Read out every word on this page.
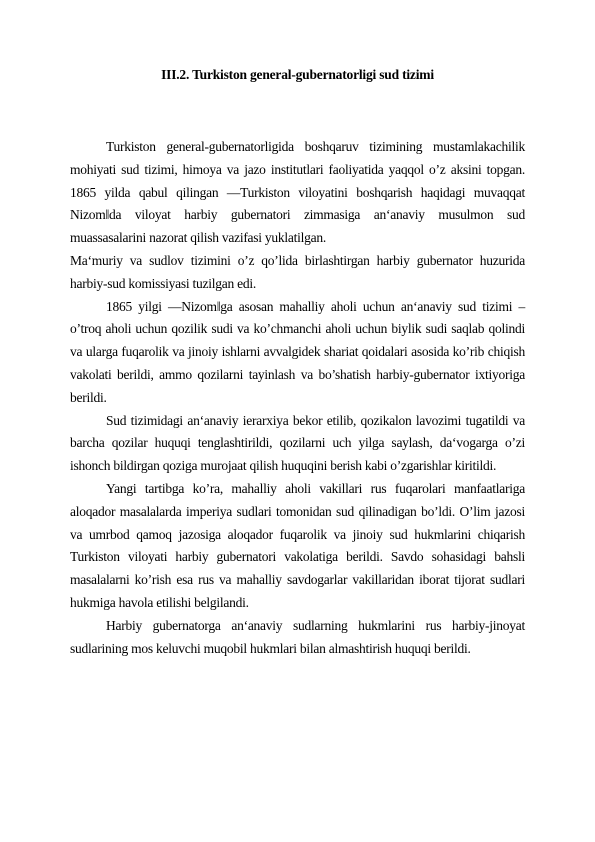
III.2. Turkiston general-gubernatorligi sud tizimi

Turkiston general-gubernatorligida boshqaruv tizimining mustamlakachilik mohiyati sud tizimi, himoya va jazo institutlari faoliyatida yaqqol o’z aksini topgan. 1865 yilda qabul qilingan ―Turkiston viloyatini boshqarish haqidagi muvaqqat Nizom‖da viloyat harbiy gubernatori zimmasiga an‘anaviy musulmon sud muassasalarini nazorat qilish vazifasi yuklatilgan.

Ma‘muriy va sudlov tizimini o’z qo’lida birlashtirgan harbiy gubernator huzurida harbiy-sud komissiyasi tuzilgan edi.

1865 yilgi ―Nizom‖ga asosan mahalliy aholi uchun an‘anaviy sud tizimi – o’troq aholi uchun qozilik sudi va ko’chmanchi aholi uchun biylik sudi saqlab qolindi va ularga fuqarolik va jinoiy ishlarni avvalgidek shariat qoidalari asosida ko’rib chiqish vakolati berildi, ammo qozilarni tayinlash va bo’shatish harbiy-gubernator ixtiyoriga berildi.

Sud tizimidagi an‘anaviy ierarxiya bekor etilib, qozikalon lavozimi tugatildi va barcha qozilar huquqi tenglashtirildi, qozilarni uch yilga saylash, da‘vogarga o’zi ishonch bildirgan qoziga murojaat qilish huquqini berish kabi o’zgarishlar kiritildi.

Yangi tartibga ko’ra, mahalliy aholi vakillari rus fuqarolari manfaatlariga aloqador masalalarda imperiya sudlari tomonidan sud qilinadigan bo’ldi. O’lim jazosi va umrbod qamoq jazosiga aloqador fuqarolik va jinoiy sud hukmlarini chiqarish Turkiston viloyati harbiy gubernatori vakolatiga berildi. Savdo sohasidagi bahsli masalalarni ko’rish esa rus va mahalliy savdogarlar vakillaridan iborat tijorat sudlari hukmiga havola etilishi belgilandi.

Harbiy gubernatorga an‘anaviy sudlarning hukmlarini rus harbiy-jinoyat sudlarining mos keluvchi muqobil hukmlari bilan almashtirish huquqi berildi.
